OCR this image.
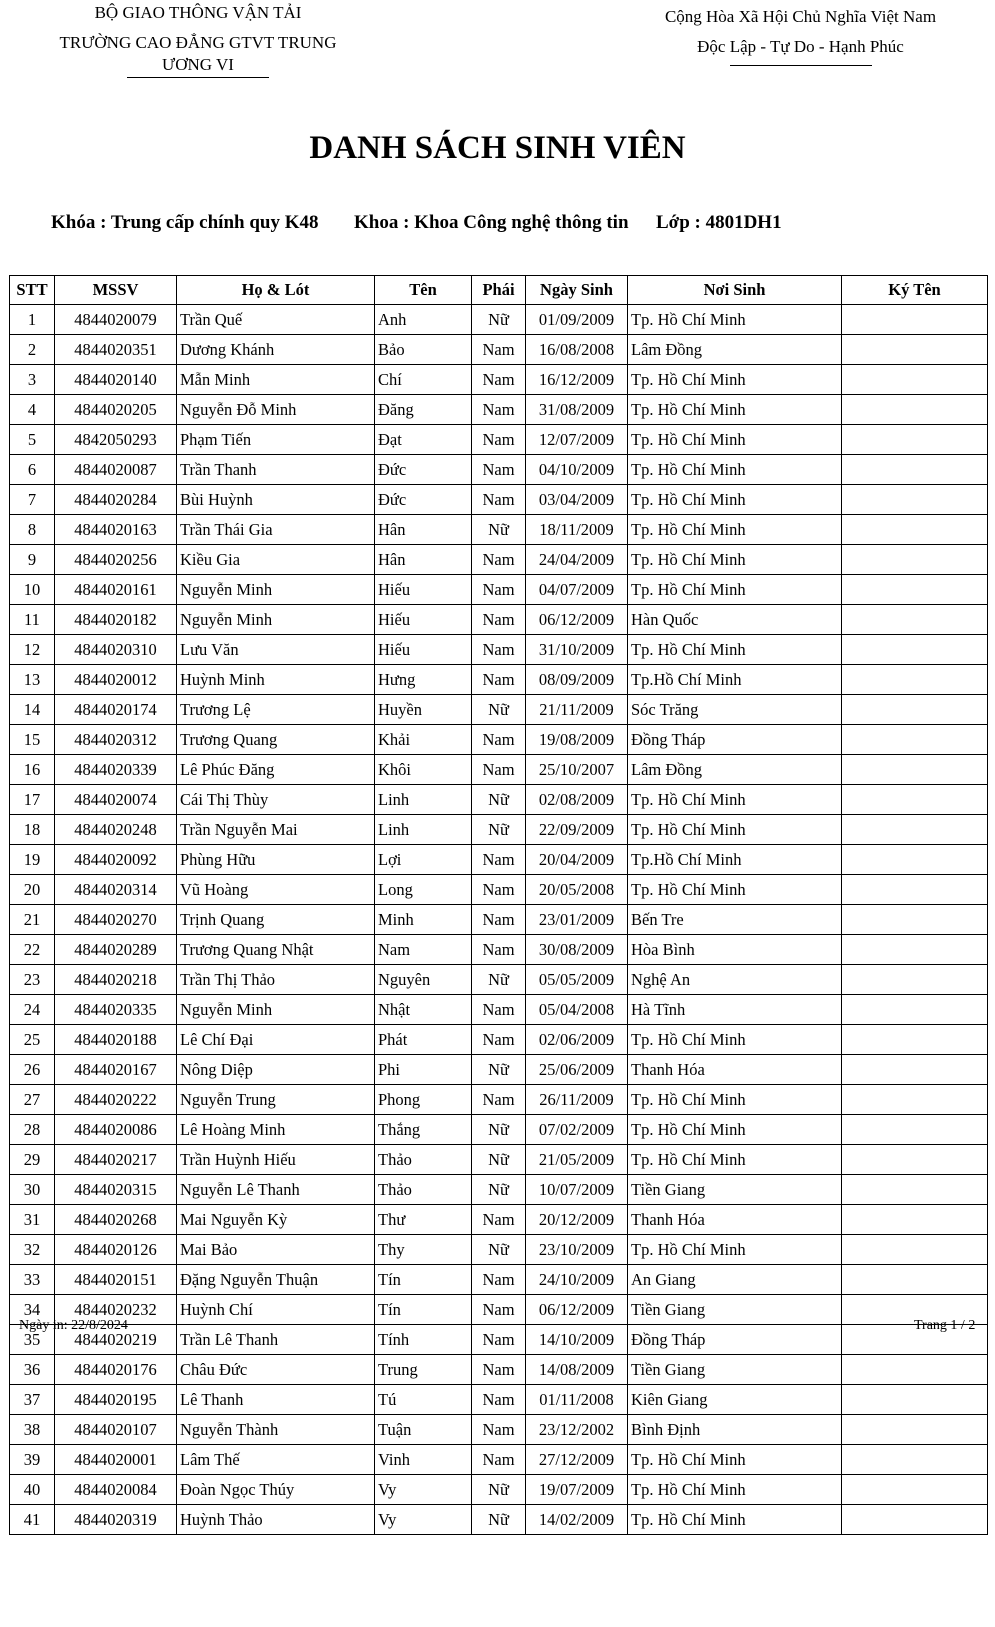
BỘ GIAO THÔNG VẬN TẢI
TRƯỜNG CAO ĐẲNG GTVT TRUNG
ƯƠNG VI
Cộng Hòa Xã Hội Chủ Nghĩa Việt Nam
Độc Lập - Tự Do - Hạnh Phúc
DANH SÁCH SINH VIÊN
Khóa : Trung cấp chính quy K48	Khoa : Khoa Công nghệ thông tin	Lớp : 4801DH1
STT	MSSV	Họ & Lót	Tên	Phái	Ngày Sinh	Nơi Sinh	Ký Tên
1	4844020079	Trần Quế	Anh	Nữ	01/09/2009	Tp. Hồ Chí Minh	
2	4844020351	Dương Khánh	Bảo	Nam	16/08/2008	Lâm Đồng	
3	4844020140	Mẫn Minh	Chí	Nam	16/12/2009	Tp. Hồ Chí Minh	
4	4844020205	Nguyễn Đỗ Minh	Đăng	Nam	31/08/2009	Tp. Hồ Chí Minh	
5	4842050293	Phạm Tiến	Đạt	Nam	12/07/2009	Tp. Hồ Chí Minh	
6	4844020087	Trần Thanh	Đức	Nam	04/10/2009	Tp. Hồ Chí Minh	
7	4844020284	Bùi Huỳnh	Đức	Nam	03/04/2009	Tp. Hồ Chí Minh	
8	4844020163	Trần Thái Gia	Hân	Nữ	18/11/2009	Tp. Hồ Chí Minh	
9	4844020256	Kiều Gia	Hân	Nam	24/04/2009	Tp. Hồ Chí Minh	
10	4844020161	Nguyễn Minh	Hiếu	Nam	04/07/2009	Tp. Hồ Chí Minh	
11	4844020182	Nguyễn Minh	Hiếu	Nam	06/12/2009	Hàn Quốc	
12	4844020310	Lưu Văn	Hiếu	Nam	31/10/2009	Tp. Hồ Chí Minh	
13	4844020012	Huỳnh Minh	Hưng	Nam	08/09/2009	Tp.Hồ Chí Minh	
14	4844020174	Trương Lệ	Huyền	Nữ	21/11/2009	Sóc Trăng	
15	4844020312	Trương Quang	Khải	Nam	19/08/2009	Đồng Tháp	
16	4844020339	Lê Phúc Đăng	Khôi	Nam	25/10/2007	Lâm Đồng	
17	4844020074	Cái Thị Thùy	Linh	Nữ	02/08/2009	Tp. Hồ Chí Minh	
18	4844020248	Trần Nguyễn Mai	Linh	Nữ	22/09/2009	Tp. Hồ Chí Minh	
19	4844020092	Phùng Hữu	Lợi	Nam	20/04/2009	Tp.Hồ Chí Minh	
20	4844020314	Vũ Hoàng	Long	Nam	20/05/2008	Tp. Hồ Chí Minh	
21	4844020270	Trịnh Quang	Minh	Nam	23/01/2009	Bến Tre	
22	4844020289	Trương Quang Nhật	Nam	Nam	30/08/2009	Hòa Bình	
23	4844020218	Trần Thị Thảo	Nguyên	Nữ	05/05/2009	Nghệ An	
24	4844020335	Nguyễn Minh	Nhật	Nam	05/04/2008	Hà Tĩnh	
25	4844020188	Lê Chí Đại	Phát	Nam	02/06/2009	Tp. Hồ Chí Minh	
26	4844020167	Nông Diệp	Phi	Nữ	25/06/2009	Thanh Hóa	
27	4844020222	Nguyễn Trung	Phong	Nam	26/11/2009	Tp. Hồ Chí Minh	
28	4844020086	Lê Hoàng Minh	Thắng	Nữ	07/02/2009	Tp. Hồ Chí Minh	
29	4844020217	Trần Huỳnh Hiếu	Thảo	Nữ	21/05/2009	Tp. Hồ Chí Minh	
30	4844020315	Nguyễn Lê Thanh	Thảo	Nữ	10/07/2009	Tiền Giang	
31	4844020268	Mai Nguyễn Kỳ	Thư	Nam	20/12/2009	Thanh Hóa	
32	4844020126	Mai Bảo	Thy	Nữ	23/10/2009	Tp. Hồ Chí Minh	
33	4844020151	Đặng Nguyễn Thuận	Tín	Nam	24/10/2009	An Giang	
34	4844020232	Huỳnh Chí	Tín	Nam	06/12/2009	Tiền Giang	
35	4844020219	Trần Lê Thanh	Tính	Nam	14/10/2009	Đồng Tháp	
36	4844020176	Châu Đức	Trung	Nam	14/08/2009	Tiền Giang	
37	4844020195	Lê Thanh	Tú	Nam	01/11/2008	Kiên Giang	
38	4844020107	Nguyễn Thành	Tuận	Nam	23/12/2002	Bình Định	
39	4844020001	Lâm Thế	Vinh	Nam	27/12/2009	Tp. Hồ Chí Minh	
40	4844020084	Đoàn Ngọc Thúy	Vy	Nữ	19/07/2009	Tp. Hồ Chí Minh	
41	4844020319	Huỳnh Thảo	Vy	Nữ	14/02/2009	Tp. Hồ Chí Minh	
Ngày in: 22/8/2024	Trang 1 / 2
